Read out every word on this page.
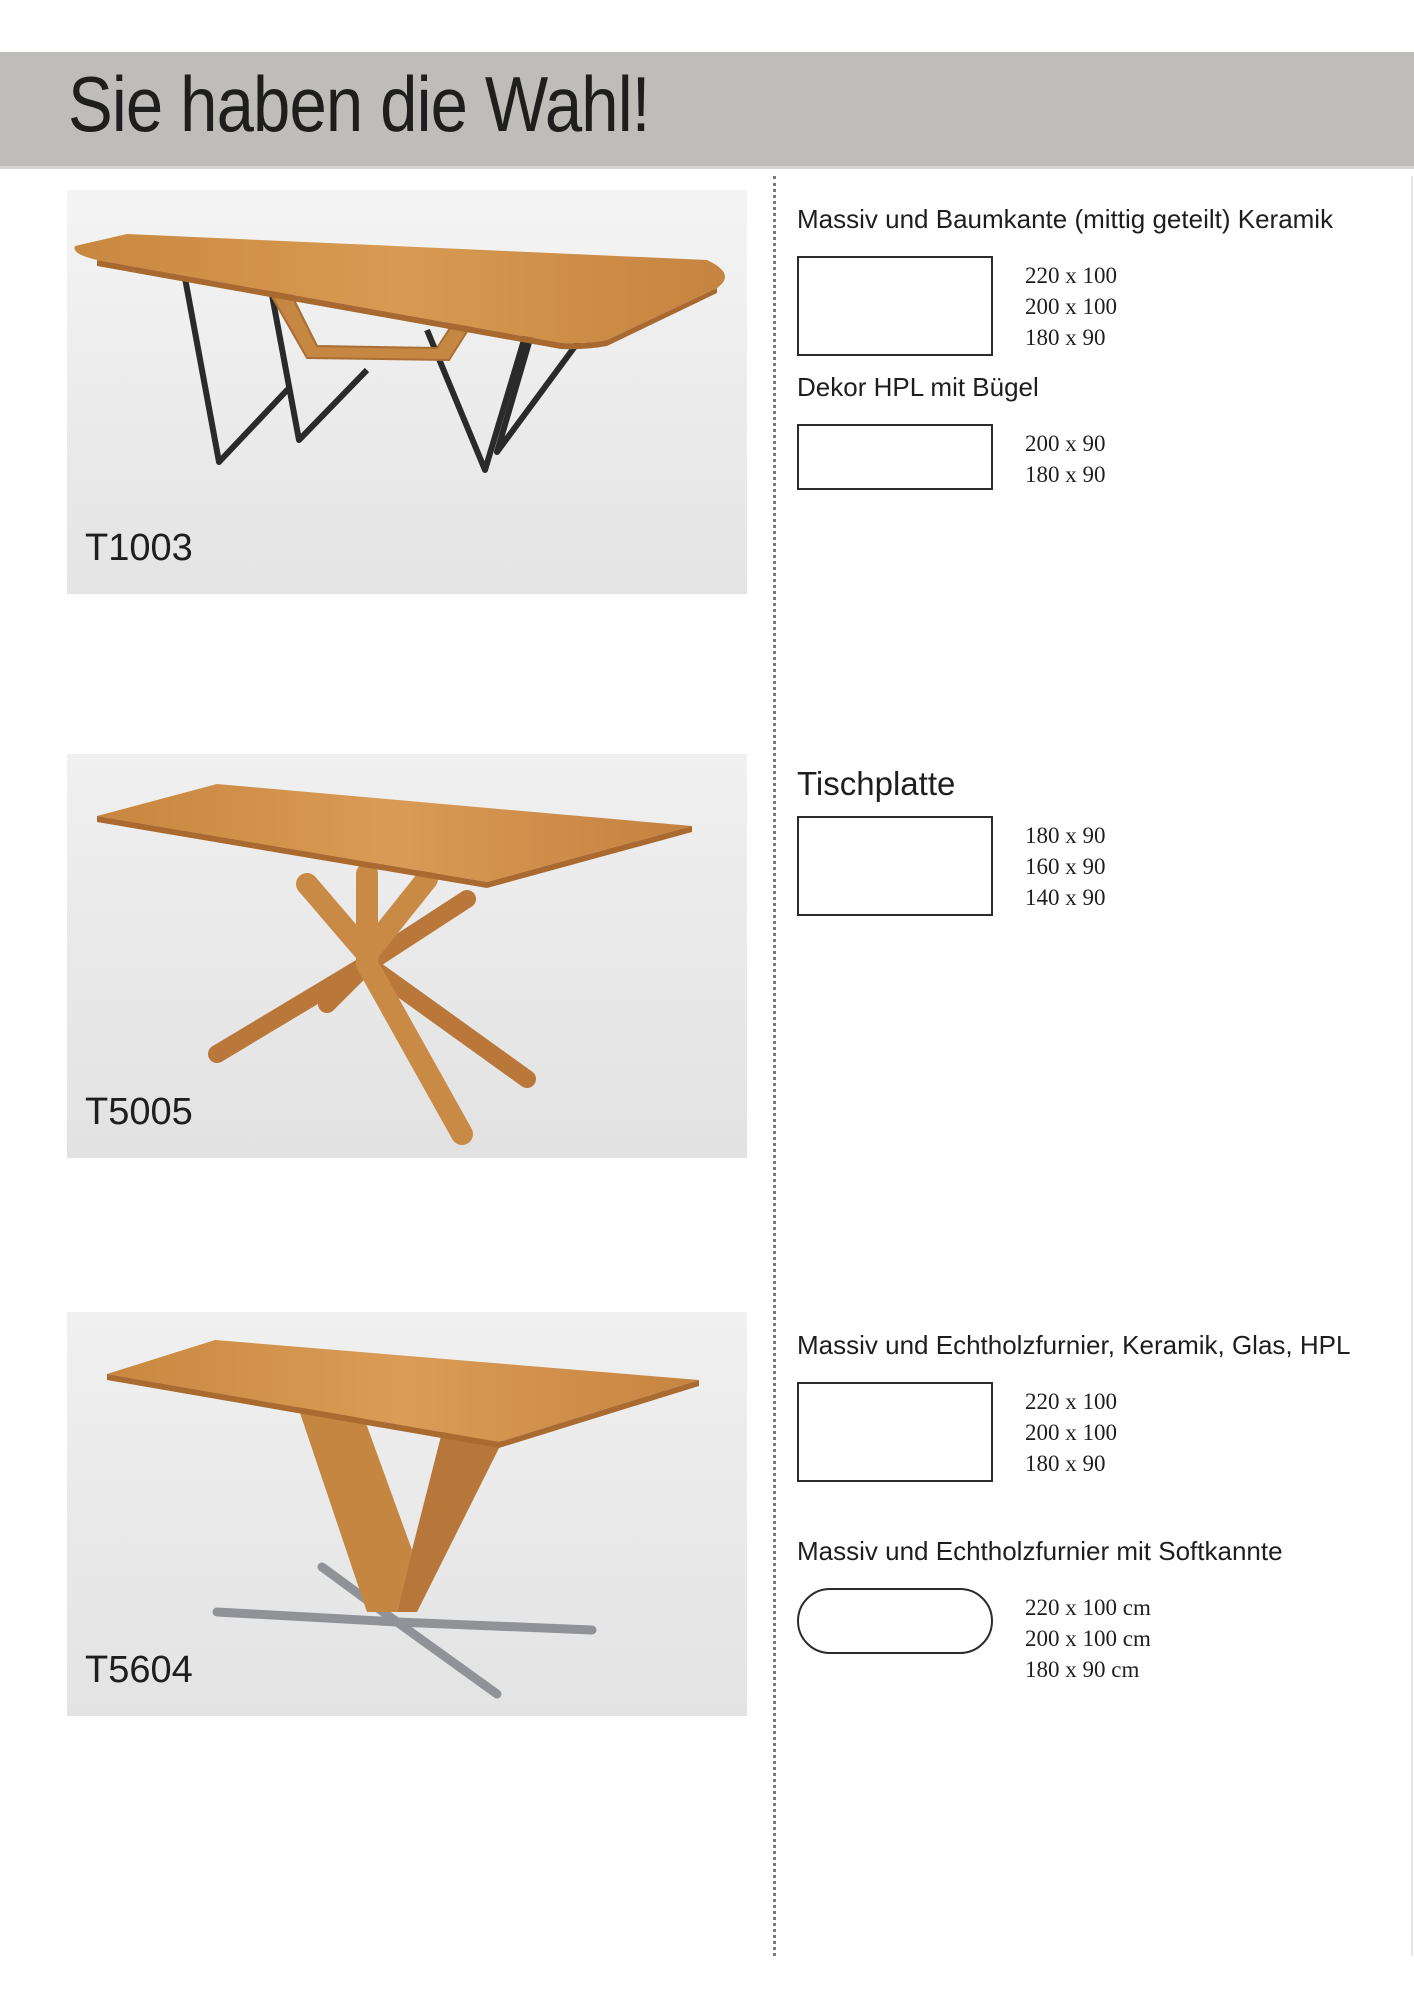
Sie haben die Wahl!
T1003

Massiv und Baumkante (mittig geteilt) Keramik

220 x 100
200 x 100
180 x 90

Dekor HPL mit Bügel

200 x 90
180 x 90
T5005

Tischplatte

180 x 90
160 x 90
140 x 90
T5604

Massiv und Echtholzfurnier, Keramik, Glas, HPL

220 x 100
200 x 100
180 x 90

Massiv und Echtholzfurnier mit Softkannte

220 x 100 cm
200 x 100 cm
180 x 90 cm
